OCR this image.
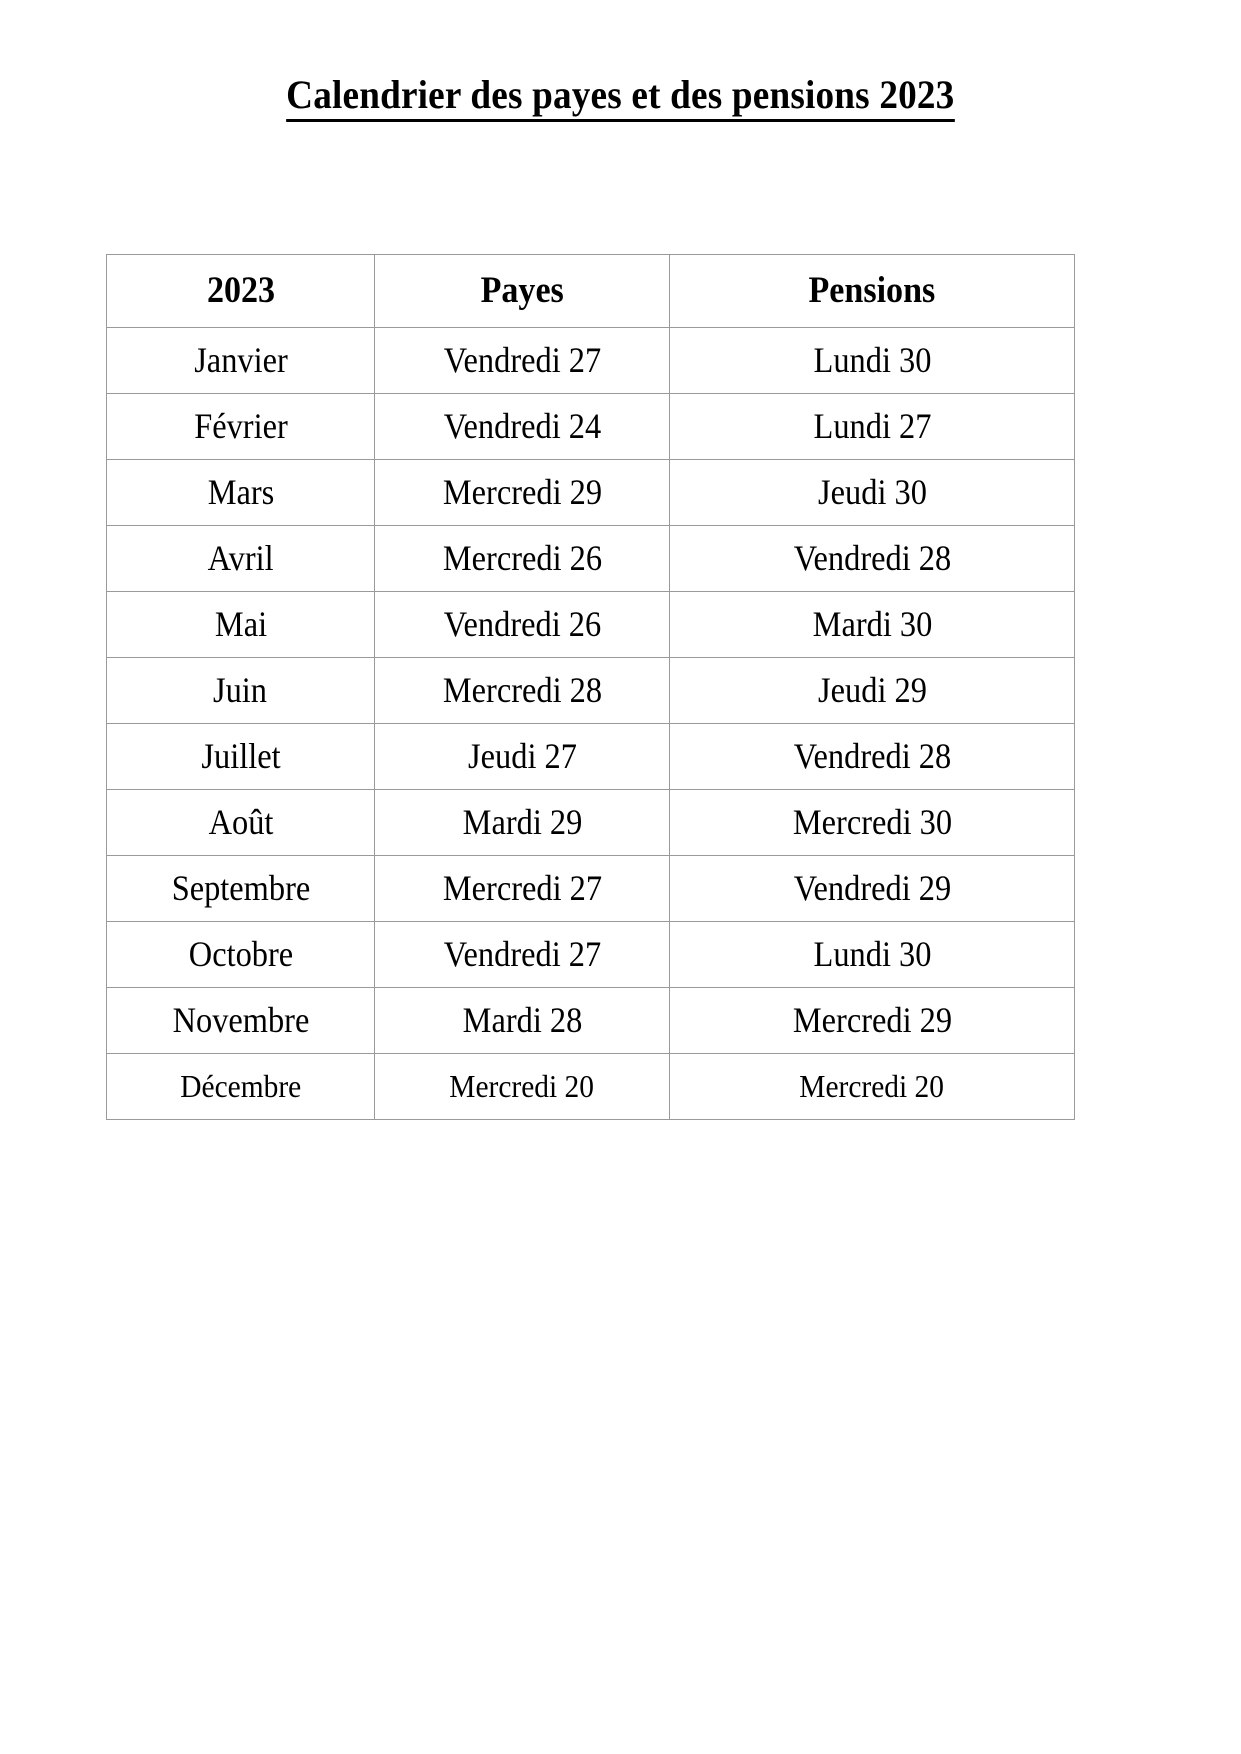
Calendrier des payes et des pensions 2023
2023	Payes	Pensions
Janvier	Vendredi 27	Lundi 30
Février	Vendredi 24	Lundi 27
Mars	Mercredi 29	Jeudi 30
Avril	Mercredi 26	Vendredi 28
Mai	Vendredi 26	Mardi 30
Juin	Mercredi 28	Jeudi 29
Juillet	Jeudi 27	Vendredi 28
Août	Mardi 29	Mercredi 30
Septembre	Mercredi 27	Vendredi 29
Octobre	Vendredi 27	Lundi 30
Novembre	Mardi 28	Mercredi 29
Décembre	Mercredi 20	Mercredi 20
